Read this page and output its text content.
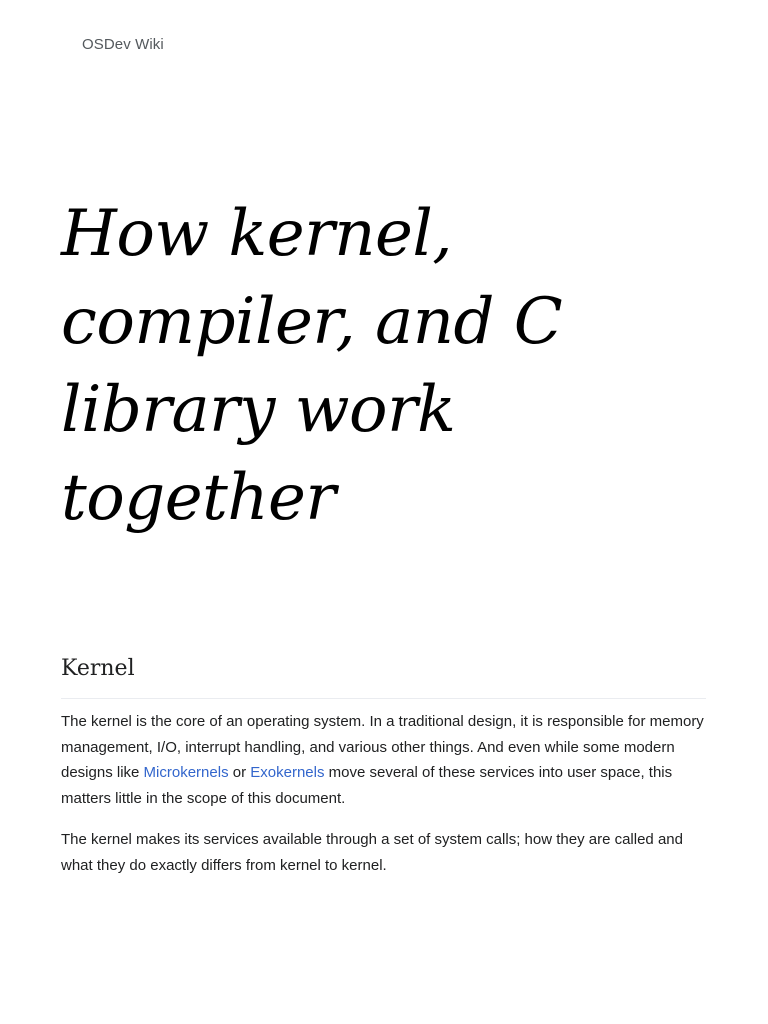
OSDev Wiki
How kernel, compiler, and C library work together
Kernel

The kernel is the core of an operating system. In a traditional design, it is responsible for memory management, I/O, interrupt handling, and various other things. And even while some modern designs like Microkernels or Exokernels move several of these services into user space, this matters little in the scope of this document.

The kernel makes its services available through a set of system calls; how they are called and what they do exactly differs from kernel to kernel.
